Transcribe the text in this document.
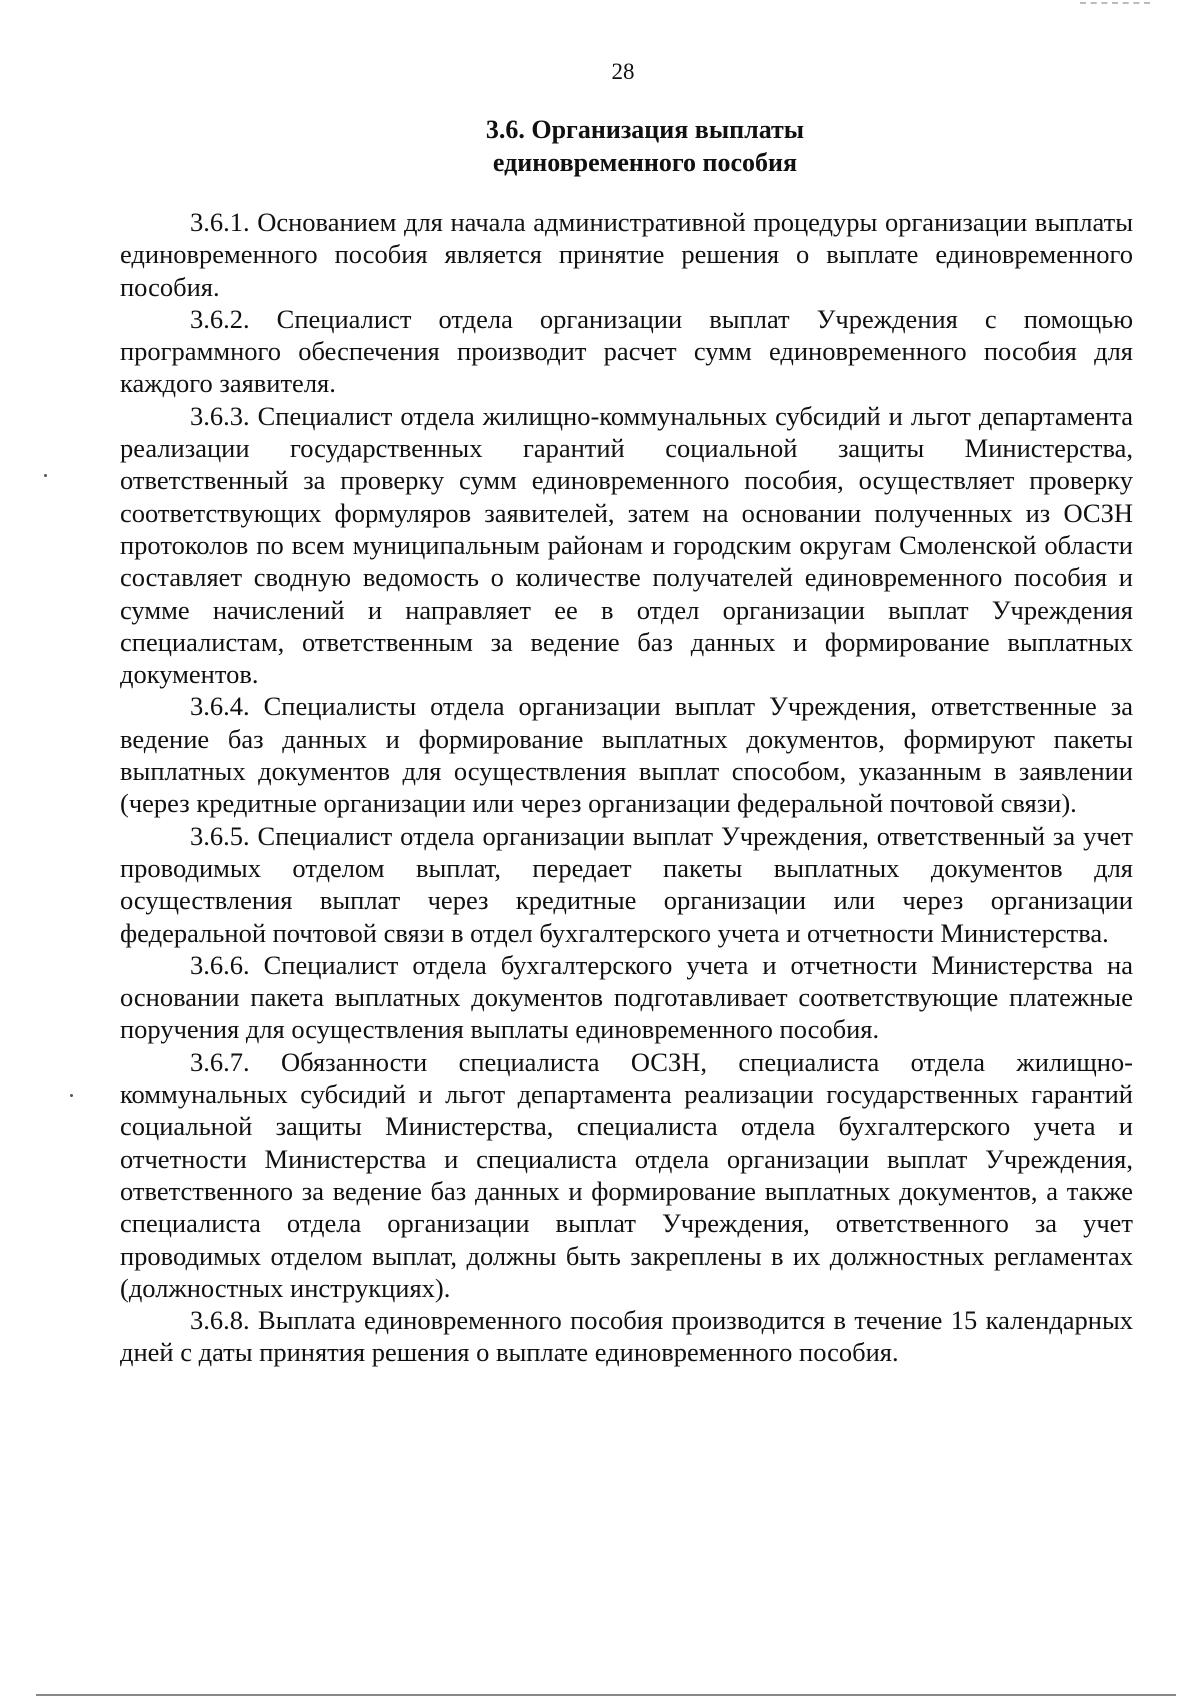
28
3.6. Организация выплаты
единовременного пособия

3.6.1. Основанием для начала административной процедуры организации выплаты единовременного пособия является принятие решения о выплате единовременного пособия.

3.6.2. Специалист отдела организации выплат Учреждения с помощью программного обеспечения производит расчет сумм единовременного пособия для каждого заявителя.

3.6.3. Специалист отдела жилищно-коммунальных субсидий и льгот департамента реализации государственных гарантий социальной защиты Министерства, ответственный за проверку сумм единовременного пособия, осуществляет проверку соответствующих формуляров заявителей, затем на основании полученных из ОСЗН протоколов по всем муниципальным районам и городским округам Смоленской области составляет сводную ведомость о количестве получателей единовременного пособия и сумме начислений и направляет ее в отдел организации выплат Учреждения специалистам, ответственным за ведение баз данных и формирование выплатных документов.

3.6.4. Специалисты отдела организации выплат Учреждения, ответственные за ведение баз данных и формирование выплатных документов, формируют пакеты выплатных документов для осуществления выплат способом, указанным в заявлении (через кредитные организации или через организации федеральной почтовой связи).

3.6.5. Специалист отдела организации выплат Учреждения, ответственный за учет проводимых отделом выплат, передает пакеты выплатных документов для осуществления выплат через кредитные организации или через организации федеральной почтовой связи в отдел бухгалтерского учета и отчетности Министерства.

3.6.6. Специалист отдела бухгалтерского учета и отчетности Министерства на основании пакета выплатных документов подготавливает соответствующие платежные поручения для осуществления выплаты единовременного пособия.

3.6.7. Обязанности специалиста ОСЗН, специалиста отдела жилищно-коммунальных субсидий и льгот департамента реализации государственных гарантий социальной защиты Министерства, специалиста отдела бухгалтерского учета и отчетности Министерства и специалиста отдела организации выплат Учреждения, ответственного за ведение баз данных и формирование выплатных документов, а также специалиста отдела организации выплат Учреждения, ответственного за учет проводимых отделом выплат, должны быть закреплены в их должностных регламентах (должностных инструкциях).

3.6.8. Выплата единовременного пособия производится в течение 15 календарных дней с даты принятия решения о выплате единовременного пособия.
